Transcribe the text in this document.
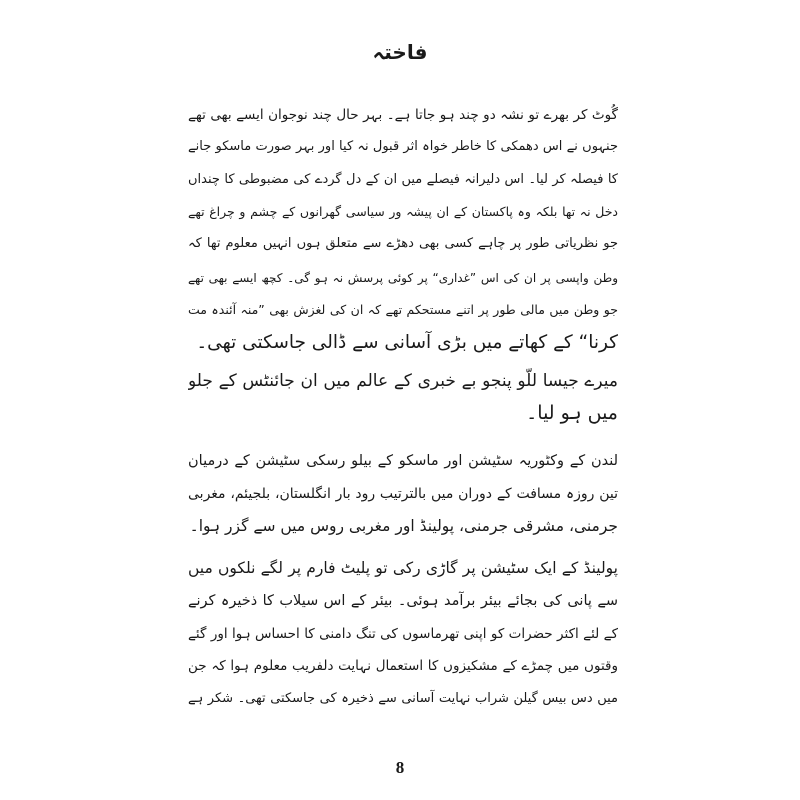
فاختہ
گُوٹ کر بھرے تو نشہ دو چند ہو جاتا ہے۔ بہر حال چند نوجوان ایسے بھی تھے
جنہوں نے اس دھمکی کا خاطر خواہ اثر قبول نہ کیا اور بہر صورت ماسکو جانے
کا فیصلہ کر لیا۔ اس دلیرانہ فیصلے میں ان کے دل گردے کی مضبوطی کا چنداں
دخل نہ تھا بلکہ وہ پاکستان کے ان پیشہ ور سیاسی گھرانوں کے چشم و چراغ تھے
جو نظریاتی طور پر چاہے کسی بھی دھڑے سے متعلق ہوں انہیں معلوم تھا کہ
وطن واپسی پر ان کی اس ”غداری“ پر کوئی پرسش نہ ہو گی۔ کچھ ایسے بھی تھے
جو وطن میں مالی طور پر اتنے مستحکم تھے کہ ان کی لغزش بھی ”منہ آئندہ مت
کرنا“ کے کھاتے میں بڑی آسانی سے ڈالی جاسکتی تھی۔
میرے جیسا للّو پنجو بے خبری کے عالم میں ان جائنٹس کے جلو
میں ہو لیا۔
لندن کے وکٹوریہ سٹیشن اور ماسکو کے بیلو رسکی سٹیشن کے درمیان
تین روزہ مسافت کے دوران میں بالترتیب رود بار انگلستان، بلجیئم، مغربی
جرمنی، مشرقی جرمنی، پولینڈ اور مغربی روس میں سے گزر ہوا۔
پولینڈ کے ایک سٹیشن پر گاڑی رکی تو پلیٹ فارم پر لگے نلکوں میں
سے پانی کی بجائے بیئر برآمد ہوئی۔ بیئر کے اس سیلاب کا ذخیرہ کرنے
کے لئے اکثر حضرات کو اپنی تھرماسوں کی تنگ دامنی کا احساس ہوا اور گئے
وقتوں میں چمڑے کے مشکیزوں کا استعمال نہایت دلفریب معلوم ہوا کہ جن
میں دس بیس گیلن شراب نہایت آسانی سے ذخیرہ کی جاسکتی تھی۔ شکر ہے
8
